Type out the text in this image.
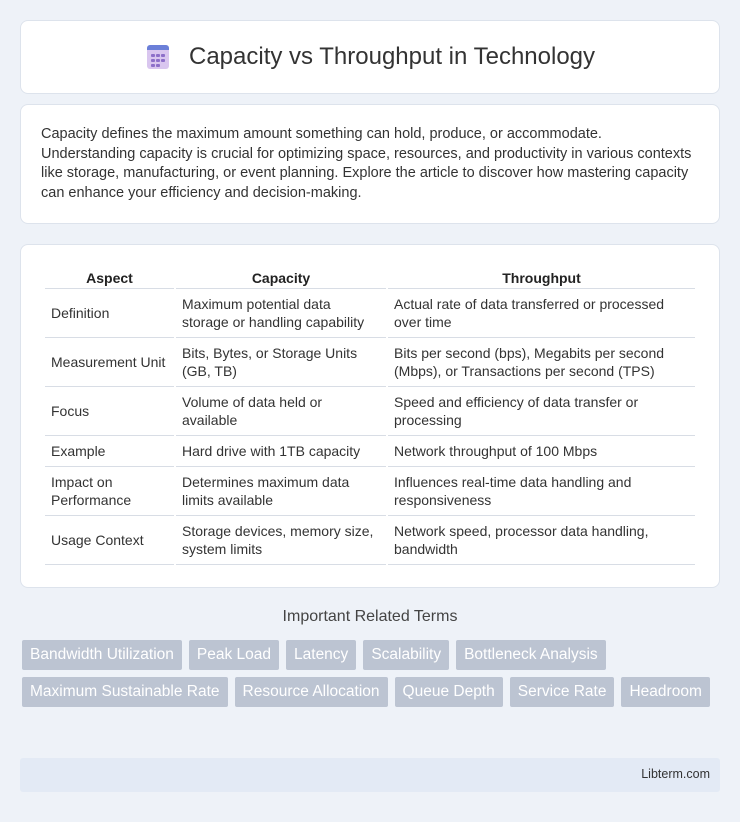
Capacity vs Throughput in Technology

Capacity defines the maximum amount something can hold, produce, or accommodate. Understanding capacity is crucial for optimizing space, resources, and productivity in various contexts like storage, manufacturing, or event planning. Explore the article to discover how mastering capacity can enhance your efficiency and decision-making.

Aspect	Capacity	Throughput
Definition	Maximum potential data storage or handling capability	Actual rate of data transferred or processed over time
Measurement Unit	Bits, Bytes, or Storage Units (GB, TB)	Bits per second (bps), Megabits per second (Mbps), or Transactions per second (TPS)
Focus	Volume of data held or available	Speed and efficiency of data transfer or processing
Example	Hard drive with 1TB capacity	Network throughput of 100 Mbps
Impact on Performance	Determines maximum data limits available	Influences real-time data handling and responsiveness
Usage Context	Storage devices, memory size, system limits	Network speed, processor data handling, bandwidth
Important Related Terms
Bandwidth Utilization	Peak Load	Latency	Scalability	Bottleneck Analysis
Maximum Sustainable Rate	Resource Allocation	Queue Depth	Service Rate	Headroom
Libterm.com
